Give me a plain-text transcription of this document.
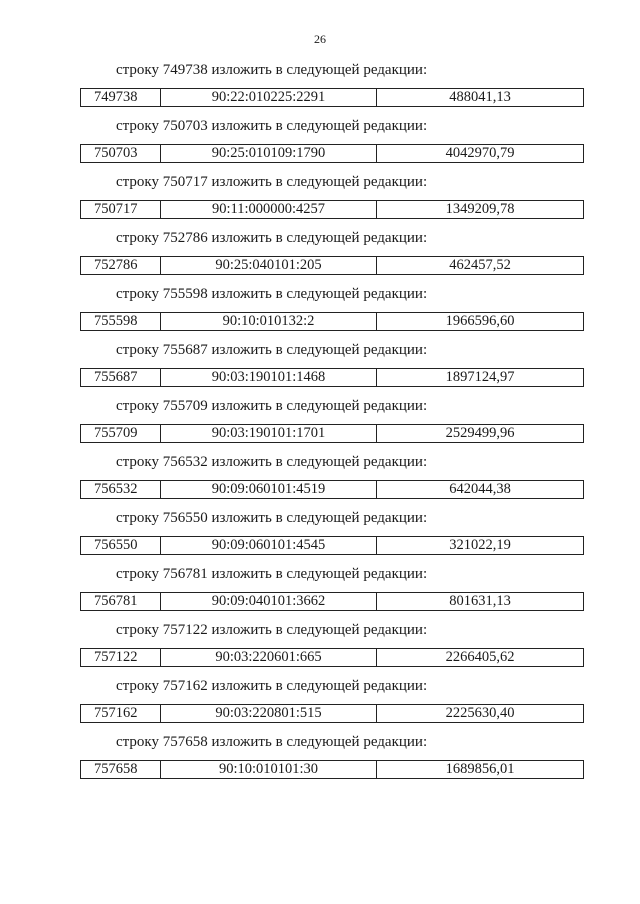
26
строку 749738 изложить в следующей редакции:
749738	90:22:010225:2291	488041,13
строку 750703 изложить в следующей редакции:
750703	90:25:010109:1790	4042970,79
строку 750717 изложить в следующей редакции:
750717	90:11:000000:4257	1349209,78
строку 752786 изложить в следующей редакции:
752786	90:25:040101:205	462457,52
строку 755598 изложить в следующей редакции:
755598	90:10:010132:2	1966596,60
строку 755687 изложить в следующей редакции:
755687	90:03:190101:1468	1897124,97
строку 755709 изложить в следующей редакции:
755709	90:03:190101:1701	2529499,96
строку 756532 изложить в следующей редакции:
756532	90:09:060101:4519	642044,38
строку 756550 изложить в следующей редакции:
756550	90:09:060101:4545	321022,19
строку 756781 изложить в следующей редакции:
756781	90:09:040101:3662	801631,13
строку 757122 изложить в следующей редакции:
757122	90:03:220601:665	2266405,62
строку 757162 изложить в следующей редакции:
757162	90:03:220801:515	2225630,40
строку 757658 изложить в следующей редакции:
757658	90:10:010101:30	1689856,01
